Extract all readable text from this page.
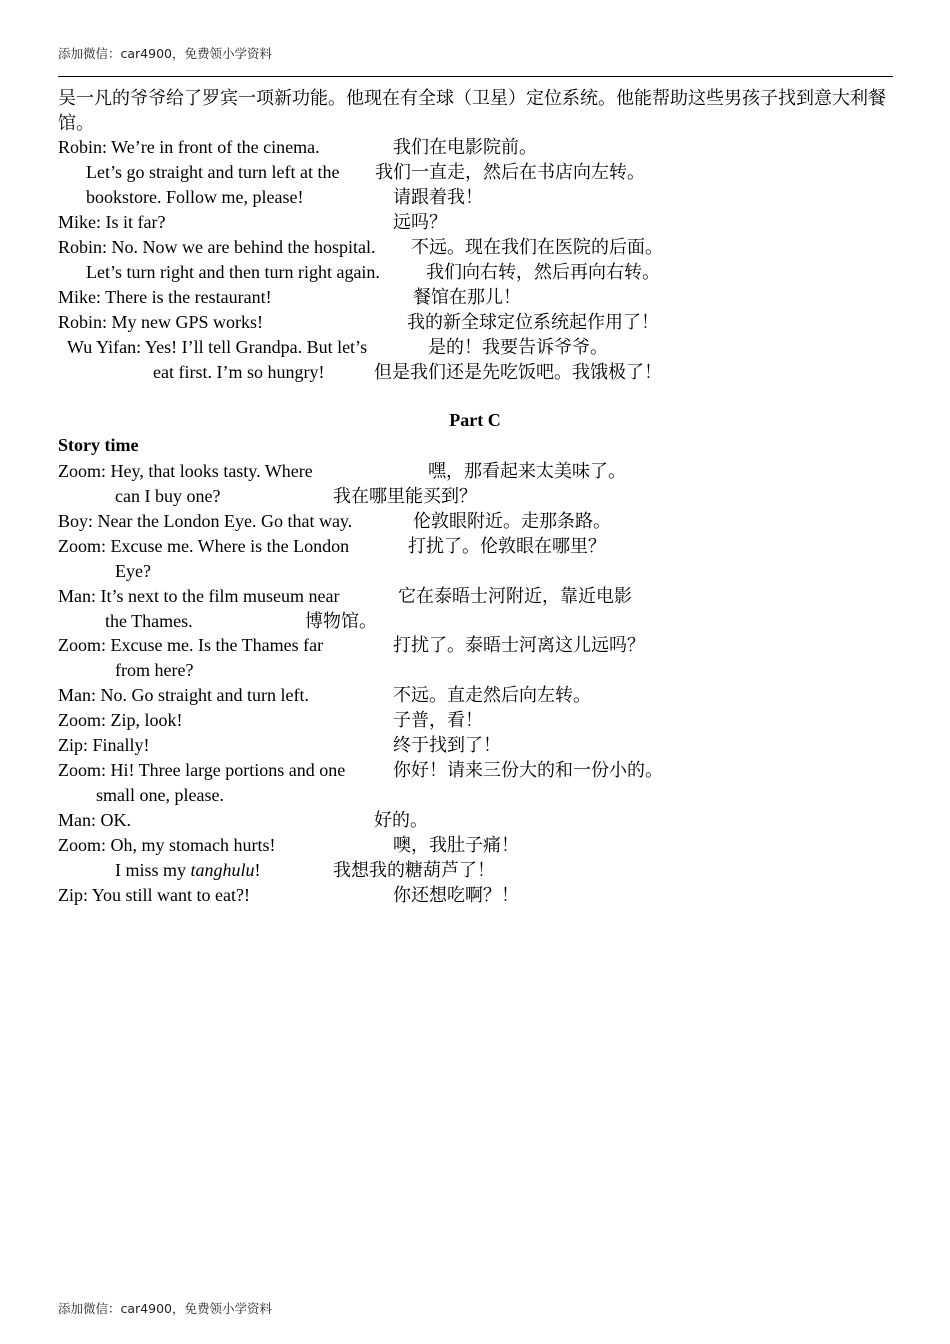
添加微信：car4900，免费领小学资料
吴一凡的爷爷给了罗宾一项新功能。他现在有全球（卫星）定位系统。他能帮助这些男孩子找到意大利餐馆。
Robin: We’re in front of the cinema.	我们在电影院前。
Let’s go straight and turn left at the 我们一直走，然后在书店向左转。
bookstore. Follow me, please!	请跟着我！
Mike: Is it far?	远吗？
Robin: No. Now we are behind the hospital. 不远。现在我们在医院的后面。
Let’s turn right and then turn right again.	我们向右转，然后再向右转。
Mike: There is the restaurant!	餐馆在那儿！
Robin: My new GPS works!	我的新全球定位系统起作用了！
Wu Yifan: Yes! I’ll tell Grandpa. But let’s	是的！我要告诉爷爷。
eat first. I’m so hungry!	但是我们还是先吃饭吧。我饿极了！
Part C
Story time
Zoom: Hey, that looks tasty. Where	嘿，那看起来太美味了。
can I buy one?	我在哪里能买到？
Boy: Near the London Eye. Go that way.	伦敦眼附近。走那条路。
Zoom: Excuse me. Where is the London	打扰了。伦敦眼在哪里？
Eye?
Man: It’s next to the film museum near	它在泰晤士河附近，靠近电影
the Thames.	博物馆。
Zoom: Excuse me. Is the Thames far	打扰了。泰晤士河离这儿远吗？
from here?
Man: No. Go straight and turn left.	不远。直走然后向左转。
Zoom: Zip, look!	子普，看！
Zip: Finally!	终于找到了！
Zoom: Hi! Three large portions and one	你好！请来三份大的和一份小的。
small one, please.
Man: OK.	好的。
Zoom: Oh, my stomach hurts!	噢，我肚子痛！
I miss my tanghulu!	我想我的糖葫芦了！
Zip: You still want to eat?!	你还想吃啊？！
添加微信：car4900，免费领小学资料
